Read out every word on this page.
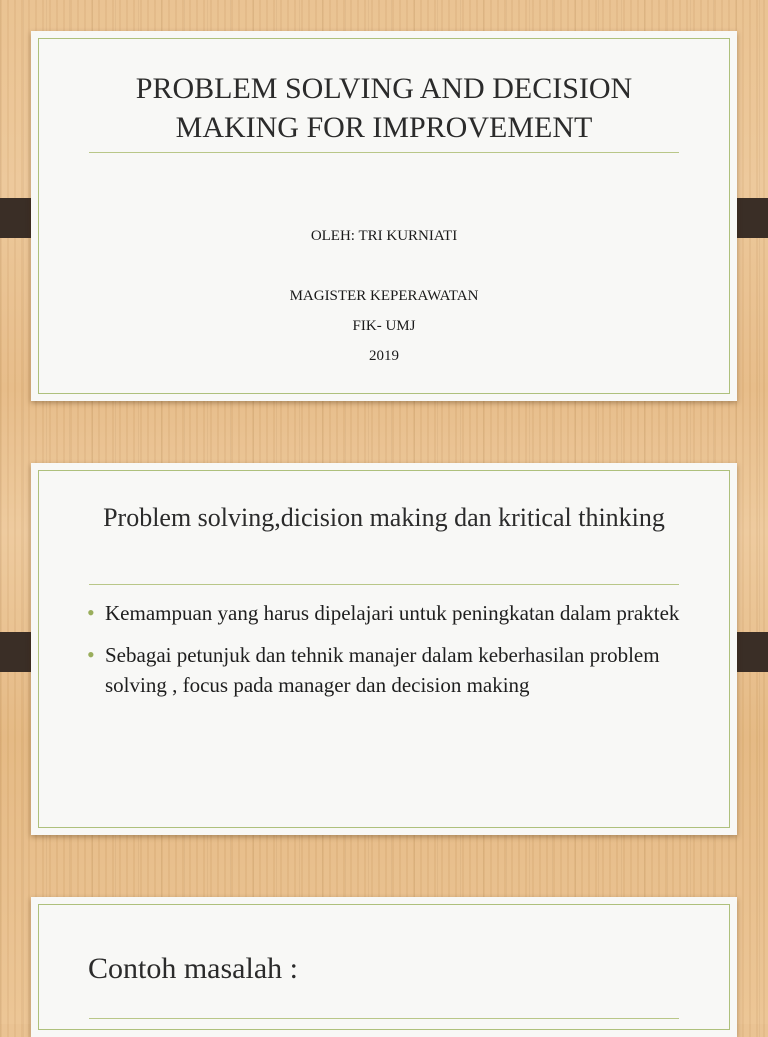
PROBLEM SOLVING AND DECISION MAKING FOR IMPROVEMENT
OLEH: TRI KURNIATI
MAGISTER KEPERAWATAN
FIK- UMJ
2019
Problem solving,dicision making dan kritical thinking
• Kemampuan yang harus dipelajari untuk peningkatan dalam praktek
• Sebagai petunjuk dan tehnik manajer dalam keberhasilan problem solving , focus pada manager dan decision making
Contoh masalah :
